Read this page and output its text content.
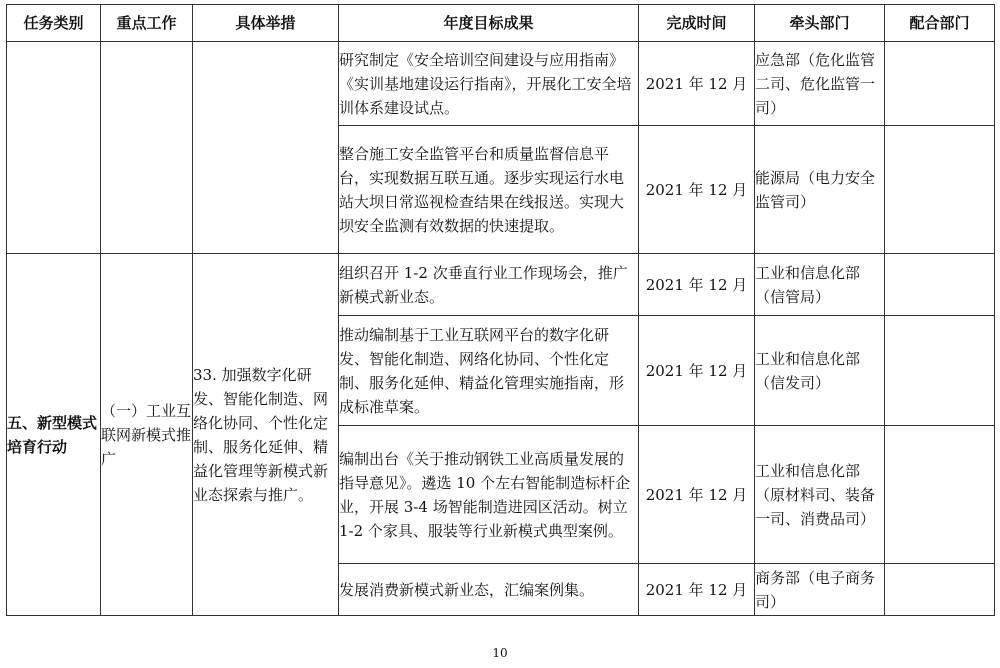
任务类别	重点工作	具体举措	年度目标成果	完成时间	牵头部门	配合部门
			研究制定《安全培训空间建设与应用指南》《实训基地建设运行指南》，开展化工安全培训体系建设试点。	2021 年 12 月	应急部（危化监管二司、危化监管一司）	
			整合施工安全监管平台和质量监督信息平台，实现数据互联互通。逐步实现运行水电站大坝日常巡视检查结果在线报送。实现大坝安全监测有效数据的快速提取。	2021 年 12 月	能源局（电力安全监管司）	
五、新型模式培育行动	（一）工业互联网新模式推广	33. 加强数字化研发、智能化制造、网络化协同、个性化定制、服务化延伸、精益化管理等新模式新业态探索与推广。	组织召开 1-2 次垂直行业工作现场会，推广新模式新业态。	2021 年 12 月	工业和信息化部（信管局）	
			推动编制基于工业互联网平台的数字化研发、智能化制造、网络化协同、个性化定制、服务化延伸、精益化管理实施指南，形成标准草案。	2021 年 12 月	工业和信息化部（信发司）	
			编制出台《关于推动钢铁工业高质量发展的指导意见》。遴选 10 个左右智能制造标杆企业，开展 3-4 场智能制造进园区活动。树立 1-2 个家具、服装等行业新模式典型案例。	2021 年 12 月	工业和信息化部（原材料司、装备一司、消费品司）	
			发展消费新模式新业态，汇编案例集。	2021 年 12 月	商务部（电子商务司）	
10
